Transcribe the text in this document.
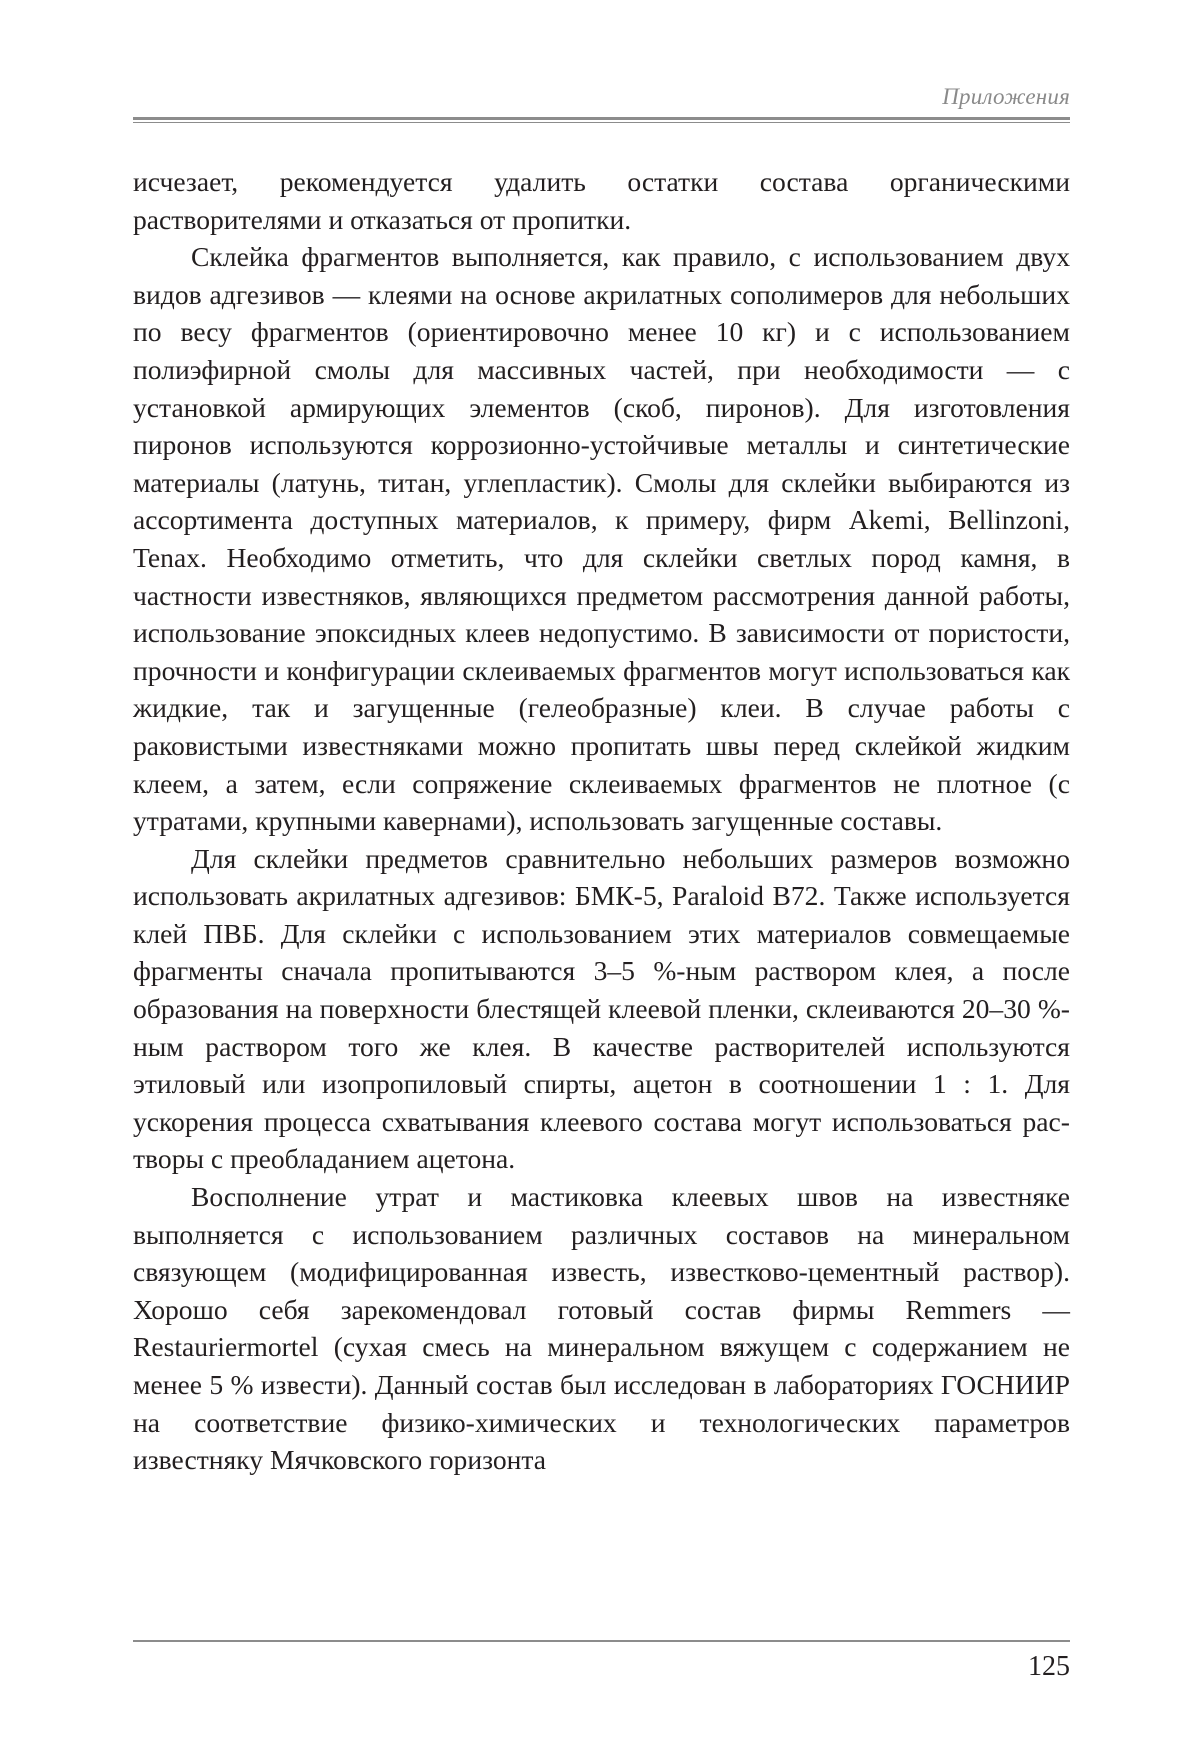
Приложения

исчезает, рекомендуется удалить остатки состава органическими растворителями и отказаться от пропитки.

Склейка фрагментов выполняется, как правило, с использованием двух видов адгезивов — клеями на основе акрилатных сополимеров для небольших по весу фрагментов (ориентировочно менее 10 кг) и с использованием полиэфирной смолы для массивных частей, при необходимости — с установкой армирующих элементов (скоб, пиронов). Для изготовления пиронов используются коррозионно-устойчивые металлы и синтетические материалы (латунь, титан, углепластик). Смолы для склейки выбираются из ассортимента доступных материалов, к примеру, фирм Akemi, Bellinzoni, Tenax. Необходимо отметить, что для склейки светлых пород камня, в частности известняков, являющихся предметом рассмотрения данной работы, использование эпоксидных клеев недопустимо. В зависимости от пористости, прочности и конфигурации склеиваемых фрагментов могут использоваться как жидкие, так и загущенные (гелеобразные) клеи. В случае работы с раковистыми известняками можно пропитать швы перед склейкой жидким клеем, а затем, если сопряжение склеиваемых фрагментов не плотное (с утратами, крупными кавернами), использовать загущенные составы.

Для склейки предметов сравнительно небольших размеров возможно использовать акрилатных адгезивов: БМК-5, Paraloid B72. Также используется клей ПВБ. Для склейки с использованием этих материалов совмещаемые фрагменты сначала пропитываются 3–5 %-ным раствором клея, а после образования на поверхности блестящей клеевой пленки, склеиваются 20–30 %-ным раствором того же клея. В качестве растворителей используются этиловый или изопропиловый спирты, ацетон в соотношении 1 : 1. Для ускорения процесса схватывания клеевого состава могут использоваться растворы с преобладанием ацетона.

Восполнение утрат и мастиковка клеевых швов на известняке выполняется с использованием различных составов на минеральном связующем (модифицированная известь, известково-цементный раствор). Хорошо себя зарекомендовал готовый состав фирмы Remmers — Restauriermortel (сухая смесь на минеральном вяжущем с содержанием не менее 5 % извести). Данный состав был исследован в лабораториях ГОСНИИР на соответствие физико-химических и технологических параметров известняку Мячковского горизонта

125
